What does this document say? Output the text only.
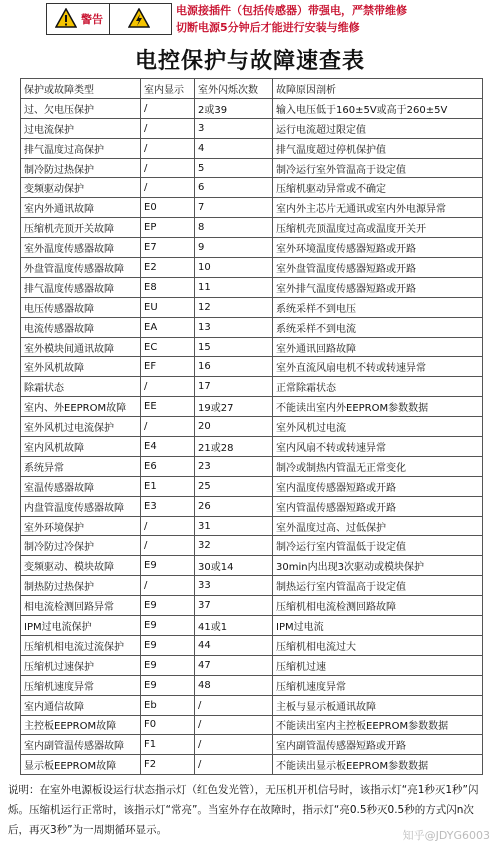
警告
电源接插件（包括传感器）带强电，严禁带维修
切断电源5分钟后才能进行安装与维修
电控保护与故障速查表
保护或故障类型	室内显示	室外闪烁次数	故障原因剖析
过、欠电压保护	/	2或39	输入电压低于160±5V或高于260±5V
过电流保护	/	3	运行电流超过限定值
排气温度过高保护	/	4	排气温度超过停机保护值
制冷防过热保护	/	5	制冷运行室外管温高于设定值
变频驱动保护	/	6	压缩机驱动异常或不确定
室内外通讯故障	E0	7	室内外主芯片无通讯或室内外电源异常
压缩机壳顶开关故障	EP	8	压缩机壳顶温度过高或温度开关开
室外温度传感器故障	E7	9	室外环境温度传感器短路或开路
外盘管温度传感器故障	E2	10	室外盘管温度传感器短路或开路
排气温度传感器故障	E8	11	室外排气温度传感器短路或开路
电压传感器故障	EU	12	系统采样不到电压
电流传感器故障	EA	13	系统采样不到电流
室外模块间通讯故障	EC	15	室外通讯回路故障
室外风机故障	EF	16	室外直流风扇电机不转或转速异常
除霜状态	/	17	正常除霜状态
室内、外EEPROM故障	EE	19或27	不能读出室内外EEPROM参数数据
室外风机过电流保护	/	20	室外风机过电流
室内风机故障	E4	21或28	室内风扇不转或转速异常
系统异常	E6	23	制冷或制热内管温无正常变化
室温传感器故障	E1	25	室内温度传感器短路或开路
内盘管温度传感器故障	E3	26	室内管温传感器短路或开路
室外环境保护	/	31	室外温度过高、过低保护
制冷防过冷保护	/	32	制冷运行室内管温低于设定值
变频驱动、模块故障	E9	30或14	30min内出现3次驱动或模块保护
制热防过热保护	/	33	制热运行室内管温高于设定值
相电流检测回路异常	E9	37	压缩机相电流检测回路故障
IPM过电流保护	E9	41或1	IPM过电流
压缩机相电流过流保护	E9	44	压缩机相电流过大
压缩机过速保护	E9	47	压缩机过速
压缩机速度异常	E9	48	压缩机速度异常
室内通信故障	Eb	/	主板与显示板通讯故障
主控板EEPROM故障	F0	/	不能读出室内主控板EEPROM参数数据
室内副管温传感器故障	F1	/	室内副管温传感器短路或开路
显示板EEPROM故障	F2	/	不能读出显示板EEPROM参数数据
说明：在室外电源板设运行状态指示灯（红色发光管），无压机开机信号时，该指示灯“亮1秒灭1秒”闪烁。压缩机运行正常时，该指示灯“常亮”。当室外存在故障时，指示灯“亮0.5秒灭0.5秒的方式闪n次后，再灭3秒”为一周期循环显示。	知乎@JDYG6003
